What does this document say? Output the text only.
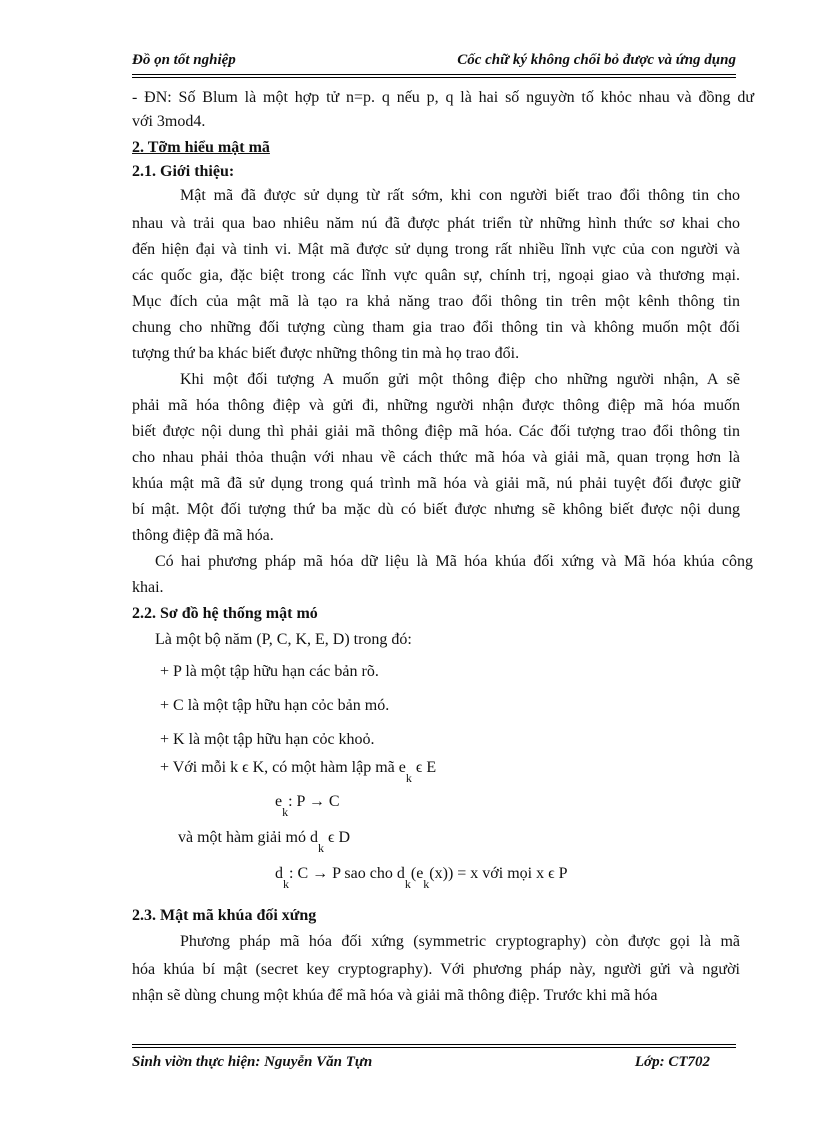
Đồ ọn tốt nghiệp	Cốc chữ ký không chối bỏ được và ứng dụng
- ĐN: Số Blum là một hợp tử n=p. q nếu p, q là hai số nguyờn tố khỏc nhau và đồng dư
với 3mod4.
2. Tỡm hiểu mật mã
2.1. Giới thiệu:
Mật mã đã được sử dụng từ rất sớm, khi con người biết trao đổi thông tin cho
nhau và trải qua bao nhiêu năm nú đã được phát triển từ những hình thức sơ khai cho
đến hiện đại và tinh vi. Mật mã được sử dụng trong rất nhiều lĩnh vực của con người và
các quốc gia, đặc biệt trong các lĩnh vực quân sự, chính trị, ngoại giao và thương mại.
Mục đích của mật mã là tạo ra khả năng trao đổi thông tin trên một kênh thông tin
chung cho những đối tượng cùng tham gia trao đổi thông tin và không muốn một đối
tượng thứ ba khác biết được những thông tin mà họ trao đổi.
Khi một đối tượng A muốn gửi một thông điệp cho những người nhận, A sẽ
phải mã hóa thông điệp và gửi đi, những người nhận được thông điệp mã hóa muốn
biết được nội dung thì phải giải mã thông điệp mã hóa. Các đối tượng trao đổi thông tin
cho nhau phải thỏa thuận với nhau về cách thức mã hóa và giải mã, quan trọng hơn là
khúa mật mã đã sử dụng trong quá trình mã hóa và giải mã, nú phải tuyệt đối được giữ
bí mật. Một đối tượng thứ ba mặc dù có biết được nhưng sẽ không biết được nội dung
thông điệp đã mã hóa.
Có hai phương pháp mã hóa dữ liệu là Mã hóa khúa đối xứng và Mã hóa khúa công
khai.
2.2. Sơ đồ hệ thống mật mó
Là một bộ năm (P, C, K, E, D) trong đó:
+ P là một tập hữu hạn các bản rõ.
+ C là một tập hữu hạn cỏc bản mó.
+ K là một tập hữu hạn cỏc khoỏ.
+ Với mỗi k ϵ K, có một hàm lập mã $e_k$ ϵ E
$e_k$: P → C
và một hàm giải mó $d_k$ ϵ D
$d_k$: C → P sao cho $d_k(e_k(x)) = x$ với mọi x ϵ P
2.3. Mật mã khúa đối xứng
Phương pháp mã hóa đối xứng (symmetric cryptography) còn được gọi là mã
hóa khúa bí mật (secret key cryptography). Với phương pháp này, người gửi và người
nhận sẽ dùng chung một khúa để mã hóa và giải mã thông điệp. Trước khi mã hóa
Sinh viờn thực hiện: Nguyễn Văn Tựn	Lớp: CT702
